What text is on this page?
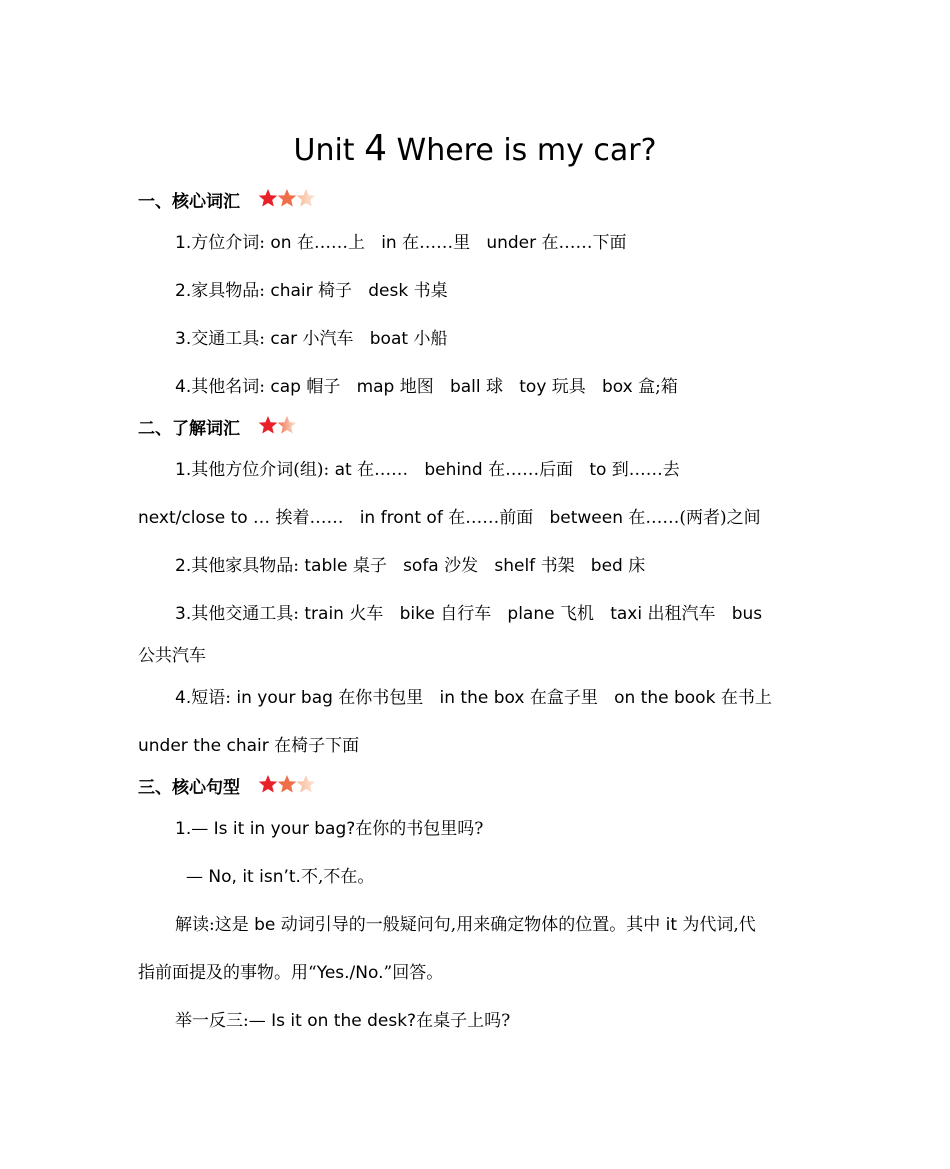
Unit 4 Where is my car?
一、核心词汇
1.方位介词: on 在……上 in 在……里 under 在……下面
2.家具物品: chair 椅子 desk 书桌
3.交通工具: car 小汽车 boat 小船
4.其他名词: cap 帽子 map 地图 ball 球 toy 玩具 box 盒;箱
二、了解词汇
1.其他方位介词(组): at 在…… behind 在……后面 to 到……去
next/close to … 挨着…… in front of 在……前面 between 在……(两者)之间
2.其他家具物品: table 桌子 sofa 沙发 shelf 书架 bed 床
3.其他交通工具: train 火车 bike 自行车 plane 飞机 taxi 出租汽车 bus
公共汽车
4.短语: in your bag 在你书包里 in the box 在盒子里 on the book 在书上
under the chair 在椅子下面
三、核心句型
1.— Is it in your bag?在你的书包里吗?
— No, it isn’t.不,不在。
解读:这是 be 动词引导的一般疑问句,用来确定物体的位置。其中 it 为代词,代
指前面提及的事物。用“Yes./No.”回答。
举一反三:— Is it on the desk?在桌子上吗?
